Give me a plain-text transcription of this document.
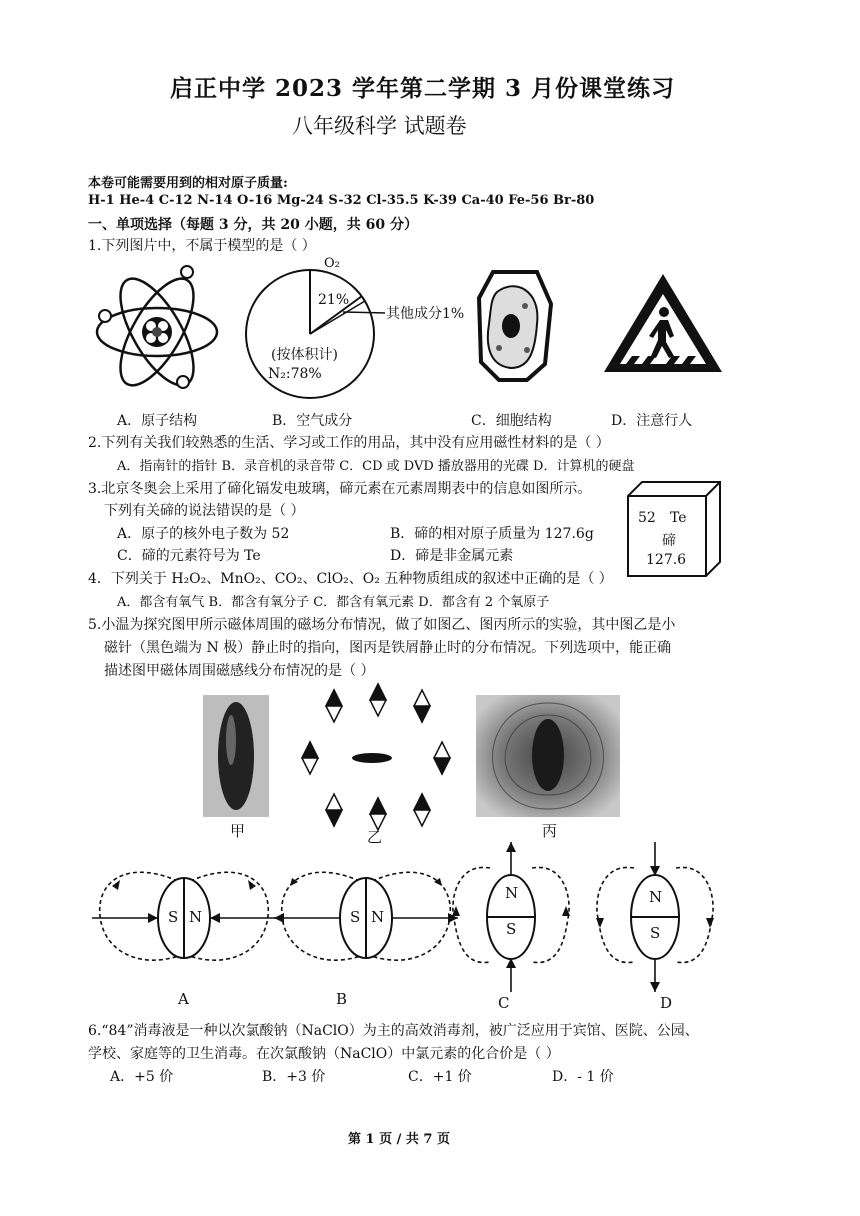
启正中学 2023 学年第二学期 3 月份课堂练习
八年级科学 试题卷
本卷可能需要用到的相对原子质量:
H-1 He-4 C-12 N-14 O-16 Mg-24 S-32 Cl-35.5 K-39 Ca-40 Fe-56 Br-80
一、单项选择（每题 3 分，共 20 小题，共 60 分）
1.下列图片中，不属于模型的是（ ）
O₂
21%
其他成分1%
(按体积计)
N₂:78%
A．原子结构	B．空气成分	C．细胞结构	D．注意行人
2.下列有关我们较熟悉的生活、学习或工作的用品，其中没有应用磁性材料的是（ ）
A．指南针的指针 B．录音机的录音带 C．CD 或 DVD 播放器用的光碟 D．计算机的硬盘
3.北京冬奥会上采用了碲化镉发电玻璃，碲元素在元素周期表中的信息如图所示。
下列有关碲的说法错误的是（ ）
A．原子的核外电子数为 52	B．碲的相对原子质量为 127.6g
C．碲的元素符号为 Te	D．碲是非金属元素
52 Te
碲
127.6
4．下列关于 H₂O₂、MnO₂、CO₂、ClO₂、O₂ 五种物质组成的叙述中正确的是（ ）
A．都含有氧气 B．都含有氧分子 C．都含有氧元素 D．都含有 2 个氧原子
5.小温为探究图甲所示磁体周围的磁场分布情况，做了如图乙、图丙所示的实验，其中图乙是小
磁针（黑色端为 N 极）静止时的指向，图丙是铁屑静止时的分布情况。下列选项中，能正确
描述图甲磁体周围磁感线分布情况的是（ ）
甲	乙	丙
S N
A
S N
B
N
S
C
N
S
D
6.“84”消毒液是一种以次氯酸钠（NaClO）为主的高效消毒剂，被广泛应用于宾馆、医院、公园、
学校、家庭等的卫生消毒。在次氯酸钠（NaClO）中氯元素的化合价是（ ）
A．+5 价	B．+3 价	C．+1 价	D．- 1 价
第 1 页 / 共 7 页
